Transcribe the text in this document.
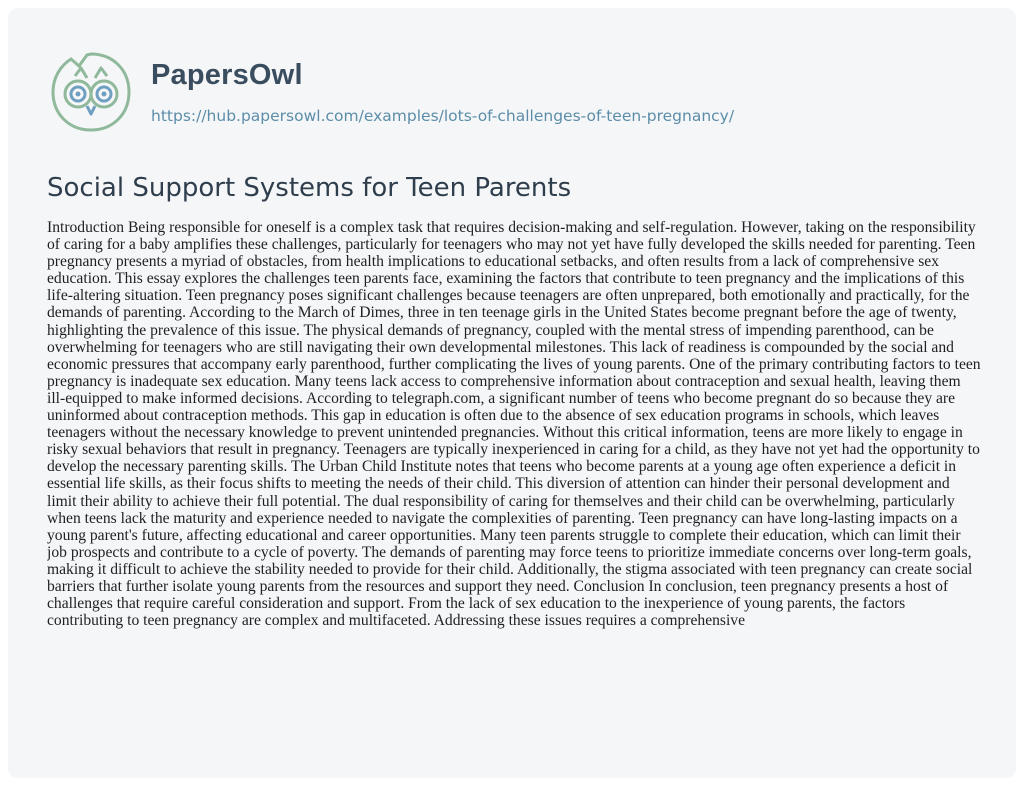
PapersOwl
https://hub.papersowl.com/examples/lots-of-challenges-of-teen-pregnancy/
Social Support Systems for Teen Parents

Introduction Being responsible for oneself is a complex task that requires decision-making and self-regulation. However, taking on the responsibility of caring for a baby amplifies these challenges, particularly for teenagers who may not yet have fully developed the skills needed for parenting. Teen pregnancy presents a myriad of obstacles, from health implications to educational setbacks, and often results from a lack of comprehensive sex education. This essay explores the challenges teen parents face, examining the factors that contribute to teen pregnancy and the implications of this life-altering situation. Teen pregnancy poses significant challenges because teenagers are often unprepared, both emotionally and practically, for the demands of parenting. According to the March of Dimes, three in ten teenage girls in the United States become pregnant before the age of twenty, highlighting the prevalence of this issue. The physical demands of pregnancy, coupled with the mental stress of impending parenthood, can be overwhelming for teenagers who are still navigating their own developmental milestones. This lack of readiness is compounded by the social and economic pressures that accompany early parenthood, further complicating the lives of young parents. One of the primary contributing factors to teen pregnancy is inadequate sex education. Many teens lack access to comprehensive information about contraception and sexual health, leaving them ill-equipped to make informed decisions. According to telegraph.com, a significant number of teens who become pregnant do so because they are uninformed about contraception methods. This gap in education is often due to the absence of sex education programs in schools, which leaves teenagers without the necessary knowledge to prevent unintended pregnancies. Without this critical information, teens are more likely to engage in risky sexual behaviors that result in pregnancy. Teenagers are typically inexperienced in caring for a child, as they have not yet had the opportunity to develop the necessary parenting skills. The Urban Child Institute notes that teens who become parents at a young age often experience a deficit in essential life skills, as their focus shifts to meeting the needs of their child. This diversion of attention can hinder their personal development and limit their ability to achieve their full potential. The dual responsibility of caring for themselves and their child can be overwhelming, particularly when teens lack the maturity and experience needed to navigate the complexities of parenting. Teen pregnancy can have long-lasting impacts on a young parent's future, affecting educational and career opportunities. Many teen parents struggle to complete their education, which can limit their job prospects and contribute to a cycle of poverty. The demands of parenting may force teens to prioritize immediate concerns over long-term goals, making it difficult to achieve the stability needed to provide for their child. Additionally, the stigma associated with teen pregnancy can create social barriers that further isolate young parents from the resources and support they need. Conclusion In conclusion, teen pregnancy presents a host of challenges that require careful consideration and support. From the lack of sex education to the inexperience of young parents, the factors contributing to teen pregnancy are complex and multifaceted. Addressing these issues requires a comprehensive
